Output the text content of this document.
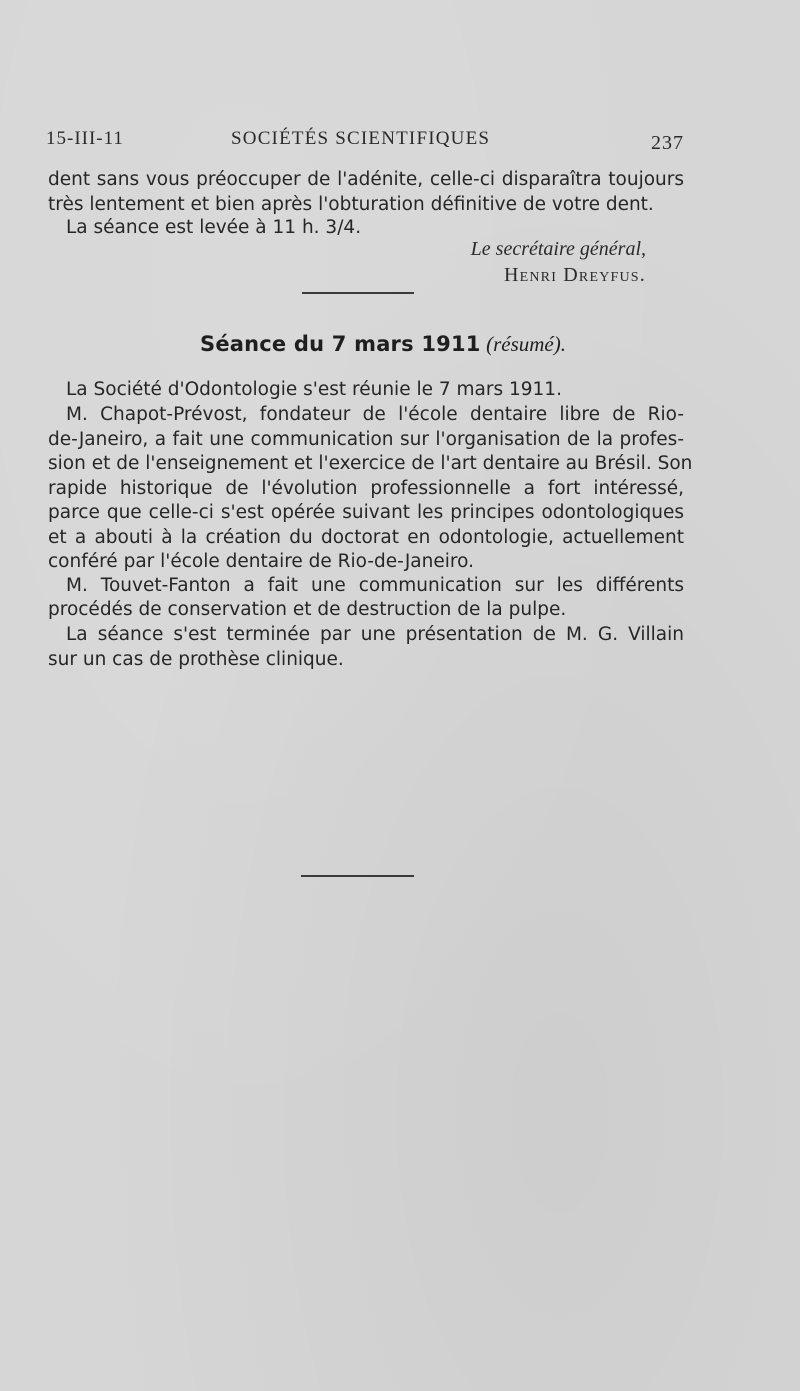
15-III-11	SOCIÉTÉS SCIENTIFIQUES	237
dent sans vous préoccuper de l'adénite, celle-ci disparaîtra toujours
très lentement et bien après l'obturation définitive de votre dent.
La séance est levée à 11 h. 3/4.
Le secrétaire général,
Henri Dreyfus.
Séance du 7 mars 1911 (résumé).
La Société d'Odontologie s'est réunie le 7 mars 1911.
M. Chapot-Prévost, fondateur de l'école dentaire libre de Rio-
de-Janeiro, a fait une communication sur l'organisation de la profes-
sion et de l'enseignement et l'exercice de l'art dentaire au Brésil. Son
rapide historique de l'évolution professionnelle a fort intéressé,
parce que celle-ci s'est opérée suivant les principes odontologiques
et a abouti à la création du doctorat en odontologie, actuellement
conféré par l'école dentaire de Rio-de-Janeiro.
M. Touvet-Fanton a fait une communication sur les différents
procédés de conservation et de destruction de la pulpe.
La séance s'est terminée par une présentation de M. G. Villain
sur un cas de prothèse clinique.
